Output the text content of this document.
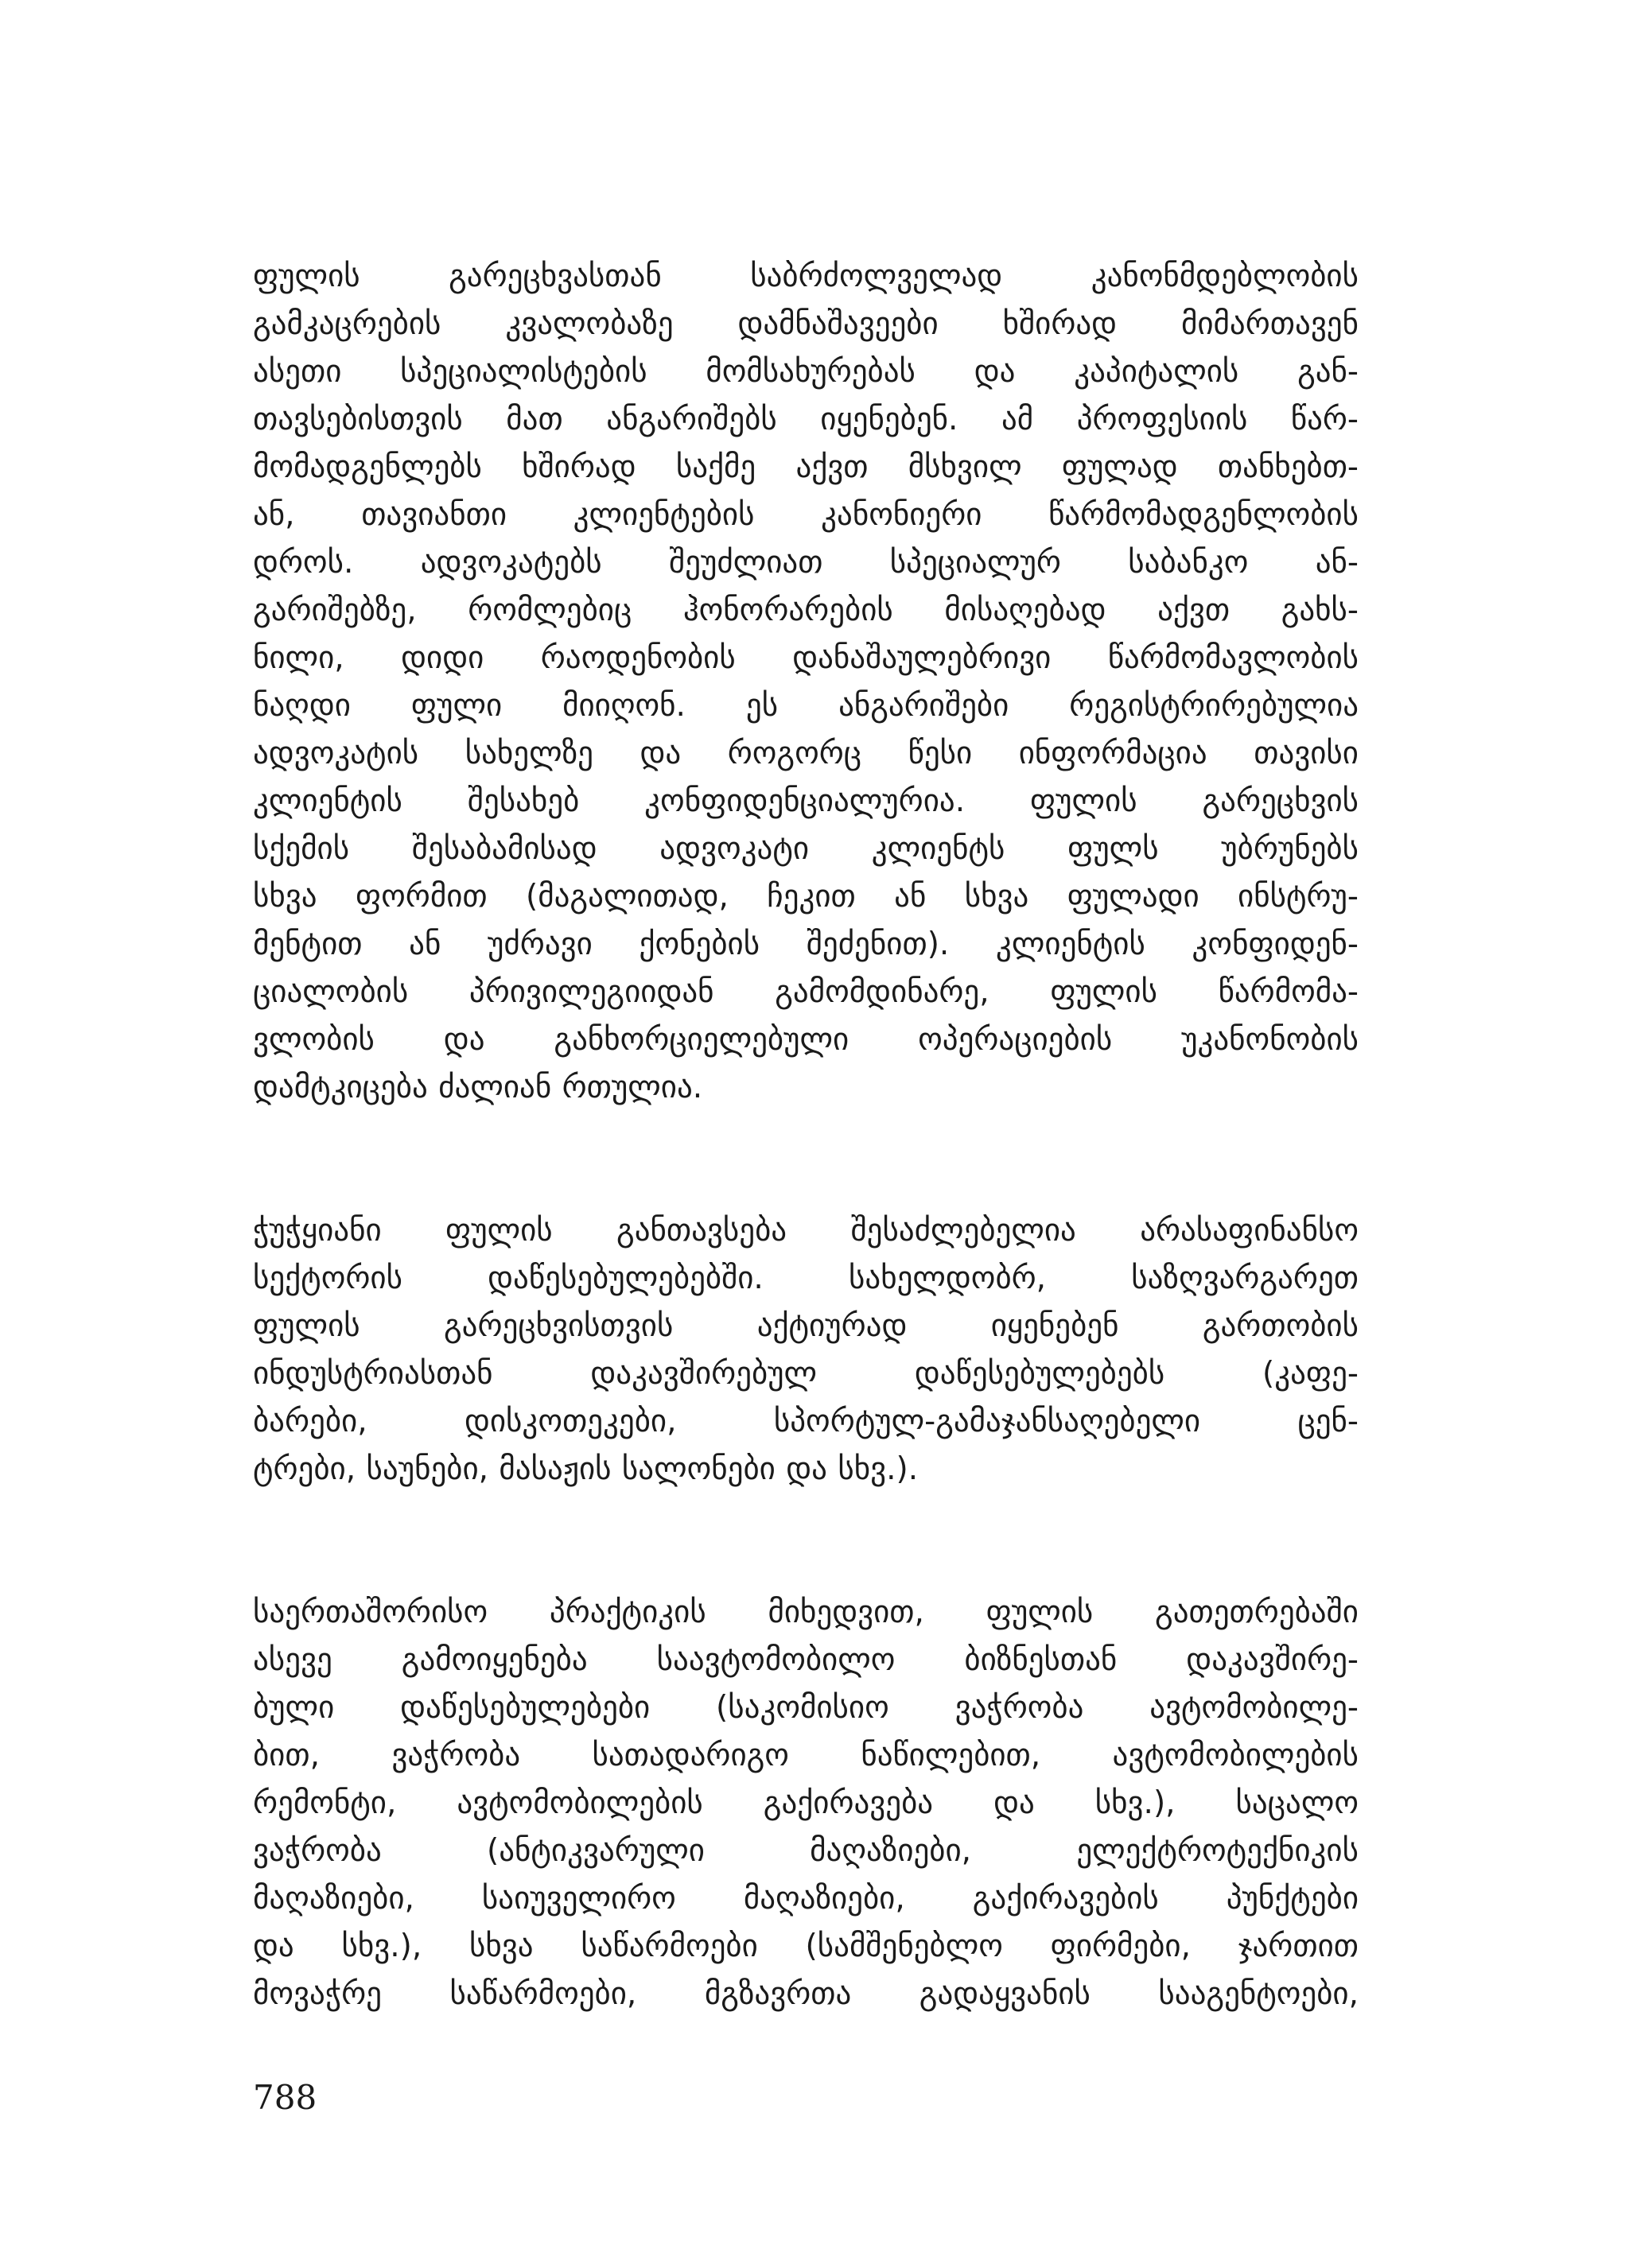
ფულის გარეცხვასთან საბრძოლველად კანონმდებლობის
გამკაცრების კვალობაზე დამნაშავეები ხშირად მიმართავენ
ასეთი სპეციალისტების მომსახურებას და კაპიტალის გან-
თავსებისთვის მათ ანგარიშებს იყენებენ. ამ პროფესიის წარ-
მომადგენლებს ხშირად საქმე აქვთ მსხვილ ფულად თანხებთ-
ან, თავიანთი კლიენტების კანონიერი წარმომადგენლობის
დროს. ადვოკატებს შეუძლიათ სპეციალურ საბანკო ან-
გარიშებზე, რომლებიც ჰონორარების მისაღებად აქვთ გახს-
ნილი, დიდი რაოდენობის დანაშაულებრივი წარმომავლობის
ნაღდი ფული მიიღონ. ეს ანგარიშები რეგისტრირებულია
ადვოკატის სახელზე და როგორც წესი ინფორმაცია თავისი
კლიენტის შესახებ კონფიდენციალურია. ფულის გარეცხვის
სქემის შესაბამისად ადვოკატი კლიენტს ფულს უბრუნებს
სხვა ფორმით (მაგალითად, ჩეკით ან სხვა ფულადი ინსტრუ-
მენტით ან უძრავი ქონების შეძენით). კლიენტის კონფიდენ-
ციალობის პრივილეგიიდან გამომდინარე, ფულის წარმომა-
ვლობის და განხორციელებული ოპერაციების უკანონობის
დამტკიცება ძალიან რთულია.
ჭუჭყიანი ფულის განთავსება შესაძლებელია არასაფინანსო
სექტორის დაწესებულებებში. სახელდობრ, საზღვარგარეთ
ფულის გარეცხვისთვის აქტიურად იყენებენ გართობის
ინდუსტრიასთან დაკავშირებულ დაწესებულებებს (კაფე-
ბარები, დისკოთეკები, სპორტულ-გამაჯანსაღებელი ცენ-
ტრები, საუნები, მასაჟის სალონები და სხვ.).
საერთაშორისო პრაქტიკის მიხედვით, ფულის გათეთრებაში
ასევე გამოიყენება საავტომობილო ბიზნესთან დაკავშირე-
ბული დაწესებულებები (საკომისიო ვაჭრობა ავტომობილე-
ბით, ვაჭრობა სათადარიგო ნაწილებით, ავტომობილების
რემონტი, ავტომობილების გაქირავება და სხვ.), საცალო
ვაჭრობა (ანტიკვარული მაღაზიები, ელექტროტექნიკის
მაღაზიები, საიუველირო მაღაზიები, გაქირავების პუნქტები
და სხვ.), სხვა საწარმოები (სამშენებლო ფირმები, ჯართით
მოვაჭრე საწარმოები, მგზავრთა გადაყვანის სააგენტოები,
788
